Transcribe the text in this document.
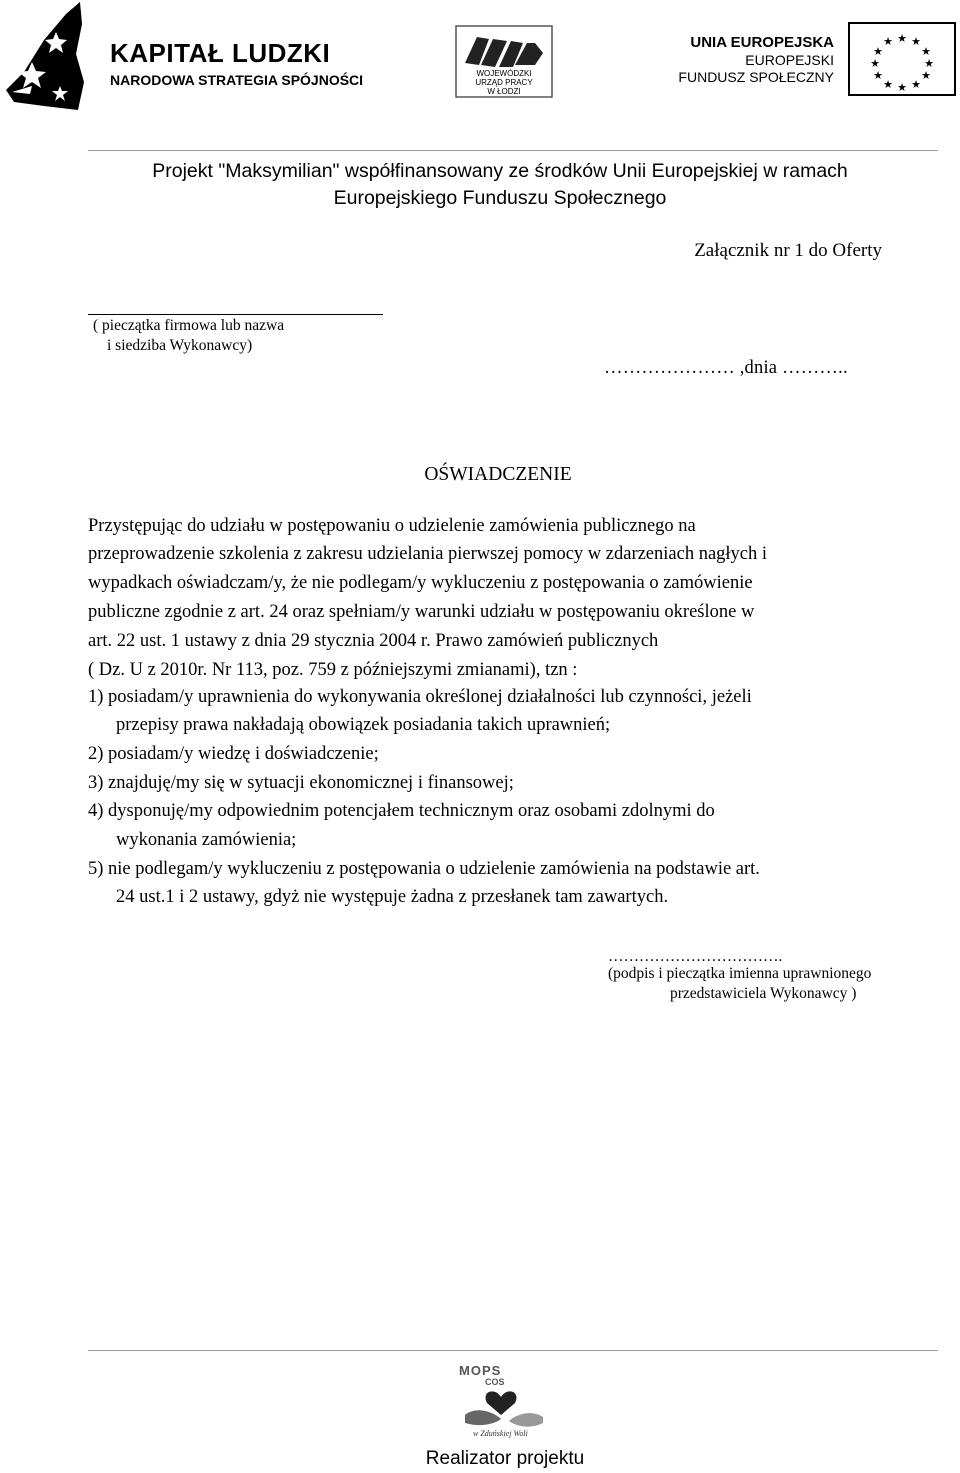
KAPITAŁ LUDZKI
NARODOWA STRATEGIA SPÓJNOŚCI	WOJEWÓDZKI
URZĄD PRACY
W ŁODZI
UNIA EUROPEJSKA
EUROPEJSKI
FUNDUSZ SPOŁECZNY
★ ★
★
★
★
★
★
★
★
★
★
★
Projekt "Maksymilian" współfinansowany ze środków Unii Europejskiej w ramach
Europejskiego Funduszu Społecznego
Załącznik nr 1 do Oferty
( pieczątka firmowa lub nazwa
i siedziba Wykonawcy)
………………… ,dnia ………..
OŚWIADCZENIE
Przystępując do udziału w postępowaniu o udzielenie zamówienia publicznego na
przeprowadzenie szkolenia z zakresu udzielania pierwszej pomocy w zdarzeniach nagłych i
wypadkach oświadczam/y, że nie podlegam/y wykluczeniu z postępowania o zamówienie
publiczne zgodnie z art. 24 oraz spełniam/y warunki udziału w postępowaniu określone w
art. 22 ust. 1 ustawy z dnia 29 stycznia 2004 r. Prawo zamówień publicznych
( Dz. U z 2010r. Nr 113, poz. 759 z późniejszymi zmianami), tzn :
1) posiadam/y uprawnienia do wykonywania określonej działalności lub czynności, jeżeli
przepisy prawa nakładają obowiązek posiadania takich uprawnień;
2) posiadam/y wiedzę i doświadczenie;
3) znajduję/my się w sytuacji ekonomicznej i finansowej;
4) dysponuję/my odpowiednim potencjałem technicznym oraz osobami zdolnymi do
wykonania zamówienia;
5) nie podlegam/y wykluczeniu z postępowania o udzielenie zamówienia na podstawie art.
24 ust.1 i 2 ustawy, gdyż nie występuje żadna z przesłanek tam zawartych.
…………………………….
(podpis i pieczątka imienna uprawnionego
przedstawiciela Wykonawcy )
MOPS
COS
w Zduńskiej Woli
Realizator projektu
